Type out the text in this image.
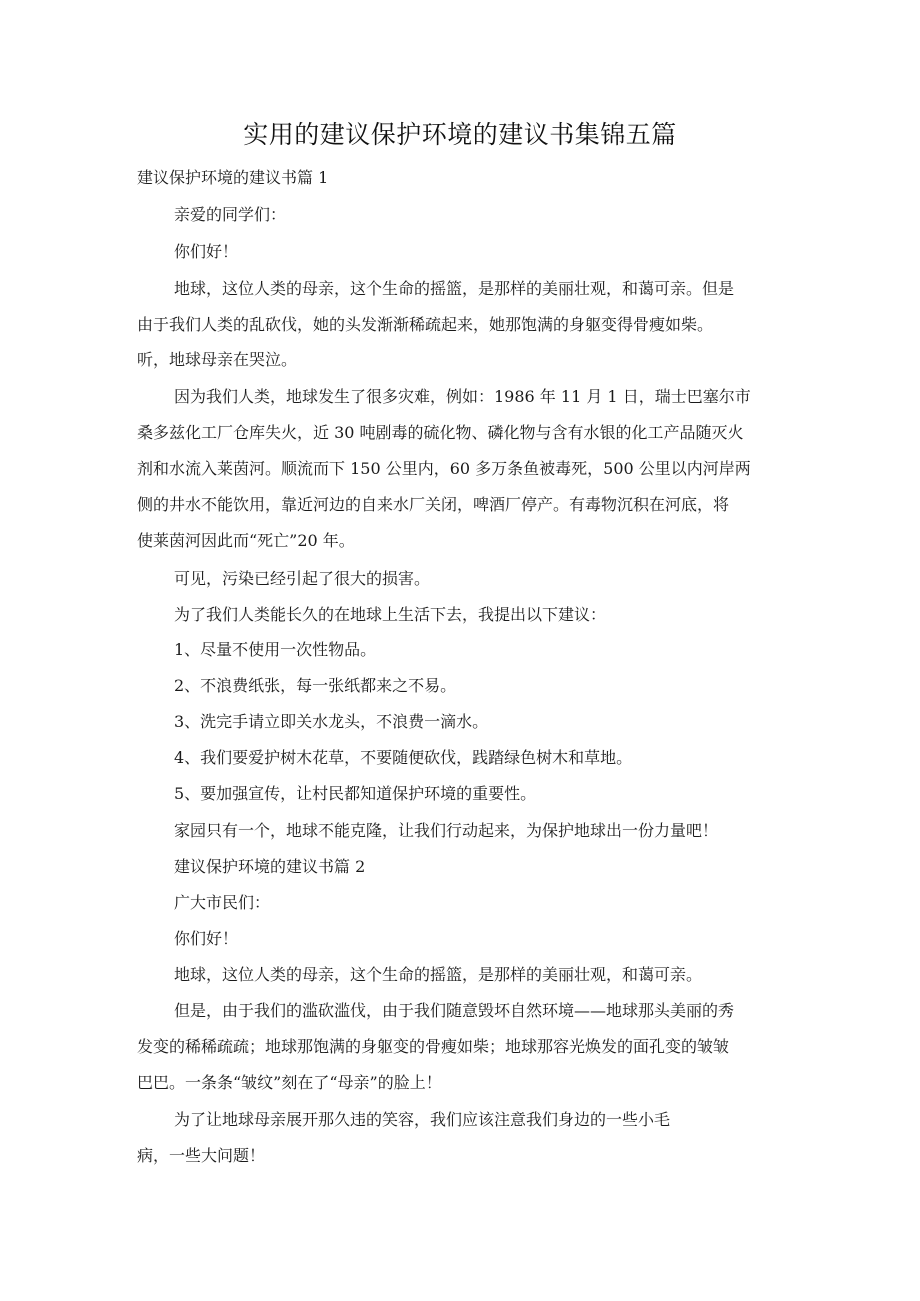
实用的建议保护环境的建议书集锦五篇
建议保护环境的建议书篇 1
亲爱的同学们：
你们好！
地球，这位人类的母亲，这个生命的摇篮，是那样的美丽壮观，和蔼可亲。但是
由于我们人类的乱砍伐，她的头发渐渐稀疏起来，她那饱满的身躯变得骨瘦如柴。
听，地球母亲在哭泣。
因为我们人类，地球发生了很多灾难，例如：1986 年 11 月 1 日，瑞士巴塞尔市
桑多兹化工厂仓库失火，近 30 吨剧毒的硫化物、磷化物与含有水银的化工产品随灭火
剂和水流入莱茵河。顺流而下 150 公里内，60 多万条鱼被毒死，500 公里以内河岸两
侧的井水不能饮用，靠近河边的自来水厂关闭，啤酒厂停产。有毒物沉积在河底，将
使莱茵河因此而“死亡”20 年。
可见，污染已经引起了很大的损害。
为了我们人类能长久的在地球上生活下去，我提出以下建议：
1、尽量不使用一次性物品。
2、不浪费纸张，每一张纸都来之不易。
3、洗完手请立即关水龙头，不浪费一滴水。
4、我们要爱护树木花草，不要随便砍伐，践踏绿色树木和草地。
5、要加强宣传，让村民都知道保护环境的重要性。
家园只有一个，地球不能克隆，让我们行动起来，为保护地球出一份力量吧！
建议保护环境的建议书篇 2
广大市民们：
你们好！
地球，这位人类的母亲，这个生命的摇篮，是那样的美丽壮观，和蔼可亲。
但是，由于我们的滥砍滥伐，由于我们随意毁坏自然环境——地球那头美丽的秀
发变的稀稀疏疏；地球那饱满的身躯变的骨瘦如柴；地球那容光焕发的面孔变的皱皱
巴巴。一条条“皱纹”刻在了“母亲”的脸上！
为了让地球母亲展开那久违的笑容，我们应该注意我们身边的一些小毛
病，一些大问题！
